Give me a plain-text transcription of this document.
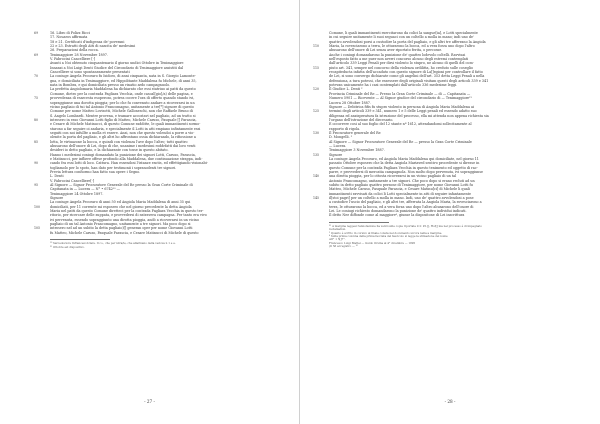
69	16. Libro di Polizz Ricci
17. Nouaros affirmata
18 e 21. Certificati d'indigenza de' poverani
22 e 23. Estratti degli Atti di nascita de' medesimi
26. Preparazioni della rocca.
69	Tenimaggiore 28 Novembre 1897.
V. Fabrocini Cancelliere [·]
Avanti a Noi obtenuto cinquantenario il giorno undici Ottobre in Tenimaggiore
Innanzi a Noi Luigi Denti Giudice del Circondario di Tenimaggiore assistiti dal
Cancelliere si sono spontaneamente presentati
70	La coniuge Angela Pecoraro fu Isidoro, di anni cinquanta, nata in S. Giorgio Lamonte-
gna, e domiciliata in Tenimaggiore, ed Hippolitante Maddalena fu Michele, di anni 35,
nata in Bombra, e qui domiciliata presso un rinatio ardo campagnuolo.
La prefetta Angiolomaria Maddalena ha dichiarato che essi statriuo ai patti da questo
Comune, dietro per la contrada Pagliara Vecchia, onde cascal[gio]/a) delle pagina, e
75	provvedenza di esarcesta esoperoso, potrea cocere l'ora di offerto quando stando ivi,
sopraggiunse una dorotta pioggia; per lo che fu convenuto andare a ricoverarsi in un
vicino pagliaio di tui tal Antonio Francomagno, unitamente a tre[*] signore di questo
Comune per nome Matteo Lovisotti, Michele Galloneschi, non che Raffaele Bruno di
S. Angelo Lombardi. Mentre provena, e tramare accostavi nel pagliaio, ad un tratto si
80	introsero in esso Giovanni Lotti figlio di Matteo, Michele Caruso, Pasquale [] Parascia,
e Cesare di Michele Matinucci, di questo Comune radditte, le quali immantinenti sormo-
starono a far seguire oi andaria, e specialmente il Lotti in atti empiano infintamente essi
seguiti con noi infullte a molla et essere. Anzi, non che questo volendoi a porre a vio-
olenite la porta del pagliaio, e gli altri ho affrontano ossia dichiarando, la rifiossione a
85	lotta, le virtuazone la bocca, e quindi con violenza l'ave dopo l'altro; tutti quattro
abusarono dell'onore di Lei, dopo di che, unanime i medesimi roddrfatti dai loro venti
desideri io detto pagliaio, e la dichiarante con tosse in questo abitato.
Hanno i medesimi coniugi domandato la punizione dei signori Lotti, Caruso, Parascia,
e Matinucci, per infliere offese profondo alla Maddalena, due continuazione strappa, indi-
90	cando fra essi lotti di loco. Cattura. Han essendosi l'istanze esotis, ed effettigiando visionabi-
togliamolo per lo spoto, han dato per testimonii i sopranodenti tre signori.
Previa lettura confiormo han fatto sua opere i Segno.
L. Denti
V. Fabrocini Cancelliere[·]
95	Al Signore — Signor Procuratore Generale del Re presso la Gran Corte Criminale di
Capitanata in — Lucera — N° • 6742¹⁰ —
Tenimaggiore 24 Ottobre 1897.
Signore
La coniuge Angela Pecoraro di anni 50 ed Angiola Maria Maddalena di anni 35 qui
100	domiciliati, per 11 corrente mi esposero che nel giorno precedente la detta Angiola
Maria nel patti da questo Comune diretteci per la contrada Pagliara Vecchia in questo ter-
ritorio, per ricercare delle zuppata, e provvedersi di eatravera campagna. Per tanto era vivo
ivi pervenuta, essendo sopraggiunto una dirotta pioggia, andò a ricoverarsi in un vicino
pagliaio di un tal Antonio Francomagno, unitamente a tre signori. Ma poco dopo si
105	introsero nel ad un subito la detta pagliaio)[] generan oper per nome Giovanni Lotti
fu Matteo, Michele Caruso, Pasquale Parascia, e Cesare Matinucci di Michele di questo
¹⁰ Sarcedoziore Infrancesi dclare. Il co., che per istra/le, che allarmano della vedova n 1 e e.
²¹ Ottobre est dispositivo.
- 27 -
Comune, li quali immantinenti esercitarono da colici la sangue[ia], e Lotti specialmente
in cui seguire unitamente li suoi seguaci con un coltello a molla in mano; indi uno de'
quattro avvolendosi porsi a custodire la porta del pagliaio, e gli altri tre afferrano la Angiola
110	Maria, la rovesciarono a terra, le otturarono la bocca, ed a vera forza uno dopo l'altro
abusarono dell'onore di Lei senza aver riportato ferita, o percosse.
Anche i coniugi domandarono la punizione de' quattro lodevolo coltelli. Ravvisai
nell'esposto fatto a me puer non averri concorso alcuno degli estremi contemplati
dall'articolo 339 Leggi Penali per dirsi violento lo stupro, ne alcuno di quelli del com-
115	piuto art. 341, sempre nel concorso della violenza ordilitta, ho creduto sulle coseglio
recapiteducta infatta dell'accaduto con questo signore di La[]egioni per controllare il fatto
de Lei, si sono convergo dichiarate come gli angelini dell'art. 353 detta Leggi Penali a nella
defensiona, a tura potessi, che essessere degli originali visitam questi degli articoli 339 e 341
potevan unicamente ha i casi contemplati dall'articolo 336 medesime leggi.
120	Il Giudice L. Denti ²
Provincia Criminale del Re — Presso la Gran Corte Criminale — di — Capitanata —
Numero 5901 — Ricevente — Al Signor giudice del circondario di — Tenimaggiore²¹
Lucera 28 Ottobre 1887.
Signore — Debitrica fifis fu stupro violento in persona di Angiola Maria Maddalena ai
125	termini degli articoli 339 e 341, numero 1 e 5 delle Leggi penali ed essendo adatto suo
diligenza ed anzisperatura fa istruzione del processo, ella mi attenda non appena richiesta sia
l'organo dell'istruzione del dircesario.
E occorrere cosi al suo foglio del 12 stante nº 1612, attendandomi sollecitamente al
rapporto di rigola.
130	Il Procuratore generale del Re
D. Mongelli. ³
Al Signore — Signor Procuratore Generale del Re — presso la Gran Corte Criminale
— Lucera.
Tenimaggiore 3 Novembre 1887.
135	Signore
La coniuge Angela Pecoraro, ed Angiola Maria Maddalena qui domiciliate, nel giorno 11
passato Ottobre esposero che la detta Angiola Mariaved sentivo procedente si diresse in
questo Comune per la contrada Pagliara Vecchia in questo tenimento ed oggetto di rac-
parre, e provvedersi di mercatia campagnola. Non molto dopo pervenuta, ivi sopraggiunse
140	una dirotta pioggia, per lo ottosta ricoverarsi in un vicino pagliaio di un tal
Antonio Francomagno, unitamente a tre signori. Che poco dopo si erano recluti ad un
subito in detto pagliaio quattro persone di Tenimaggiore, per nome Giovanni Lotti fu
Matteo, Michele Caruso, Pasquale Parascia, e Cesare Matinu[ci] di Michele li quali
immantinenti ravvisati da colici li Lotti specialmente in atti di seguire infantamente
145	il[stoi pagri] per un coltello a molla in mano. Indi, uno de' quattro avvolendosi a pose
a custodire l'uscio del pagliaio, e gli altri tre, afferrata la Angiola Maria, la rovesciarono a
terra, le otturarono la bocca, ed a vera forza uno dopo l'altro abusarono dell'onore di
Lei. Le coniugi richiesto domandarono la punizione de' quattro individui indicati.
Il detto Nee diffonde come al maggiore⁴, giunse la dispositone di Lei inscrittura
²¹ A margine leggesi l'annotazione ha venti sulle copie riportate il 2: P.I.[], Hof[] ma nel processo è di impegnato
reclamation.
³ Quanto è scritto in corsivo al finale consta nel documento un'ora nella a margine.
⁴ Sulla prima colonna della prima facciata del fascicolo si legge la stimazione del nome
Att° 1 5[]7°.
Francesco Luigi Mattei — Guido Orsina al 4° dicembre — 1895
(Il 56 al registro — ¹⁰
- 28 -
